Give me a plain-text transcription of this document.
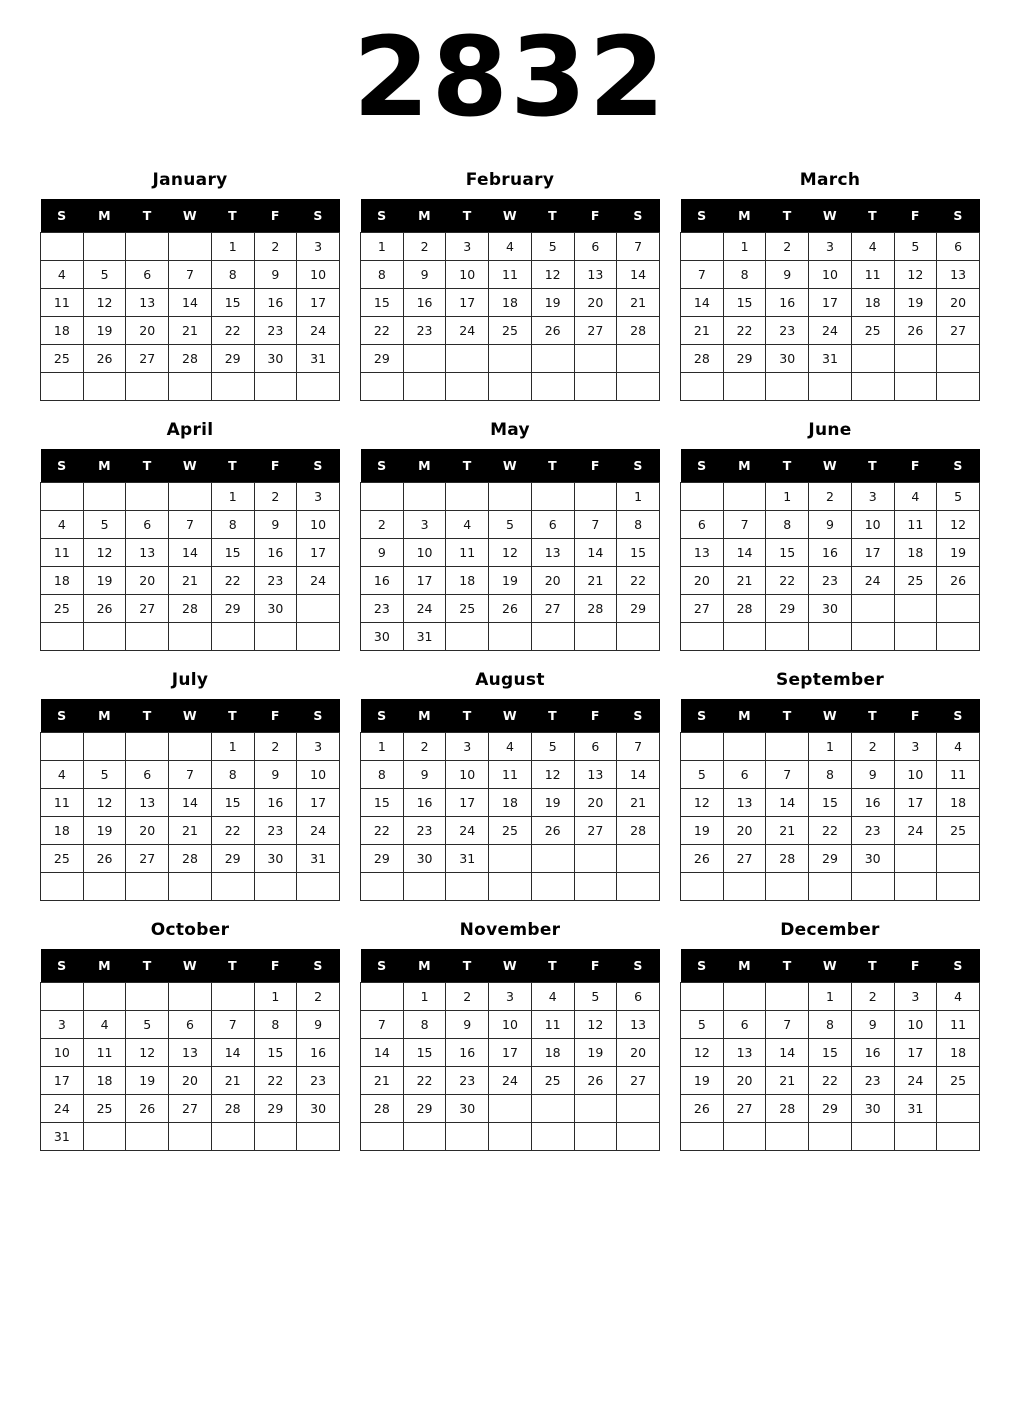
2832
January
S	M	T	W	T	F	S
				1	2	3
4	5	6	7	8	9	10
11	12	13	14	15	16	17
18	19	20	21	22	23	24
25	26	27	28	29	30	31

February
S	M	T	W	T	F	S
1	2	3	4	5	6	7
8	9	10	11	12	13	14
15	16	17	18	19	20	21
22	23	24	25	26	27	28
29						

March
S	M	T	W	T	F	S
	1	2	3	4	5	6
7	8	9	10	11	12	13
14	15	16	17	18	19	20
21	22	23	24	25	26	27
28	29	30	31			

April
S	M	T	W	T	F	S
				1	2	3
4	5	6	7	8	9	10
11	12	13	14	15	16	17
18	19	20	21	22	23	24
25	26	27	28	29	30	

May
S	M	T	W	T	F	S
						1
2	3	4	5	6	7	8
9	10	11	12	13	14	15
16	17	18	19	20	21	22
23	24	25	26	27	28	29
30	31					
June
S	M	T	W	T	F	S
		1	2	3	4	5
6	7	8	9	10	11	12
13	14	15	16	17	18	19
20	21	22	23	24	25	26
27	28	29	30			

July
S	M	T	W	T	F	S
				1	2	3
4	5	6	7	8	9	10
11	12	13	14	15	16	17
18	19	20	21	22	23	24
25	26	27	28	29	30	31

August
S	M	T	W	T	F	S
1	2	3	4	5	6	7
8	9	10	11	12	13	14
15	16	17	18	19	20	21
22	23	24	25	26	27	28
29	30	31				

September
S	M	T	W	T	F	S
			1	2	3	4
5	6	7	8	9	10	11
12	13	14	15	16	17	18
19	20	21	22	23	24	25
26	27	28	29	30		

October
S	M	T	W	T	F	S
					1	2
3	4	5	6	7	8	9
10	11	12	13	14	15	16
17	18	19	20	21	22	23
24	25	26	27	28	29	30
31						
November
S	M	T	W	T	F	S
	1	2	3	4	5	6
7	8	9	10	11	12	13
14	15	16	17	18	19	20
21	22	23	24	25	26	27
28	29	30				

December
S	M	T	W	T	F	S
			1	2	3	4
5	6	7	8	9	10	11
12	13	14	15	16	17	18
19	20	21	22	23	24	25
26	27	28	29	30	31	
